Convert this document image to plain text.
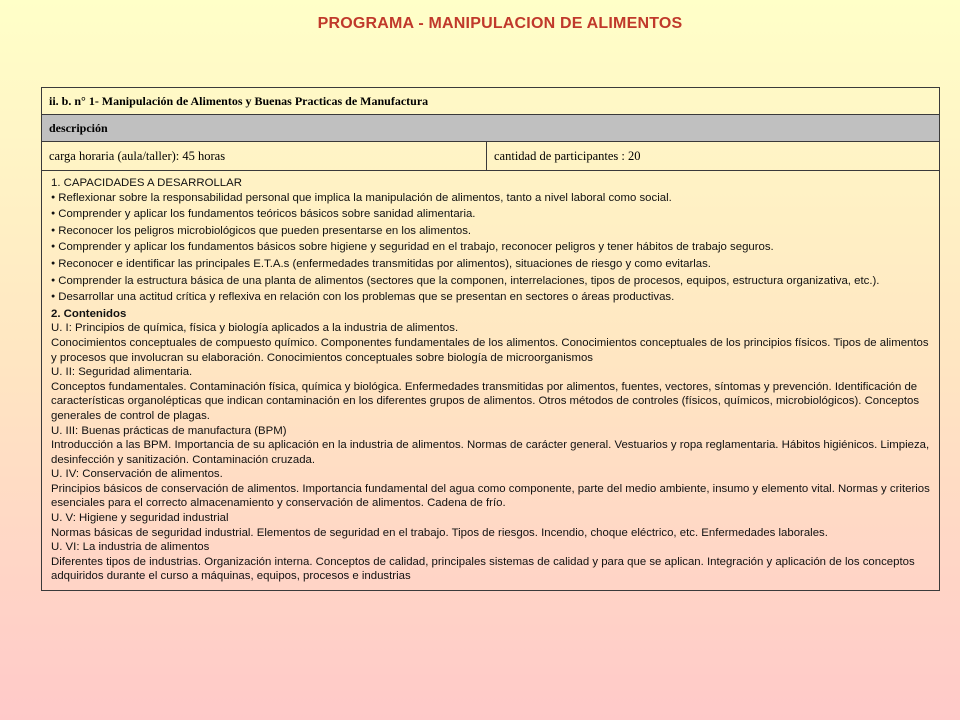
PROGRAMA - MANIPULACION DE ALIMENTOS
ii. b. n° 1- Manipulación de Alimentos y Buenas Practicas de Manufactura
descripción
carga horaria (aula/taller): 45 horas	cantidad de participantes : 20

1. CAPACIDADES A DESARROLLAR

● Reflexionar sobre la responsabilidad personal que implica la manipulación de alimentos, tanto a nivel laboral como social.

● Comprender y aplicar los fundamentos teóricos básicos sobre sanidad alimentaria.

● Reconocer los peligros microbiológicos que pueden presentarse en los alimentos.

● Comprender y aplicar los fundamentos básicos sobre higiene y seguridad en el trabajo, reconocer peligros y tener hábitos de trabajo seguros.

● Reconocer e identificar las principales E.T.A.s (enfermedades transmitidas por alimentos), situaciones de riesgo y como evitarlas.

● Comprender la estructura básica de una planta de alimentos (sectores que la componen, interrelaciones, tipos de procesos, equipos, estructura organizativa, etc.).

● Desarrollar una actitud crítica y reflexiva en relación con los problemas que se presentan en sectores o áreas productivas.

2. Contenidos

U. I: Principios de química, física y biología aplicados a la industria de alimentos.

Conocimientos conceptuales de compuesto químico. Componentes fundamentales de los alimentos. Conocimientos conceptuales de los principios físicos. Tipos de alimentos y procesos que involucran su elaboración. Conocimientos conceptuales sobre biología de microorganismos

U. II: Seguridad alimentaria.

Conceptos fundamentales. Contaminación física, química y biológica. Enfermedades transmitidas por alimentos, fuentes, vectores, síntomas y prevención. Identificación de características organolépticas que indican contaminación en los diferentes grupos de alimentos. Otros métodos de controles (físicos, químicos, microbiológicos). Conceptos generales de control de plagas.

U. III: Buenas prácticas de manufactura (BPM)

Introducción a las BPM. Importancia de su aplicación en la industria de alimentos. Normas de carácter general. Vestuarios y ropa reglamentaria. Hábitos higiénicos. Limpieza, desinfección y sanitización. Contaminación cruzada.

U. IV: Conservación de alimentos.

Principios básicos de conservación de alimentos. Importancia fundamental del agua como componente, parte del medio ambiente, insumo y elemento vital. Normas y criterios esenciales para el correcto almacenamiento y conservación de alimentos. Cadena de frío.

U. V: Higiene y seguridad industrial

Normas básicas de seguridad industrial. Elementos de seguridad en el trabajo. Tipos de riesgos. Incendio, choque eléctrico, etc. Enfermedades laborales.

U. VI: La industria de alimentos

Diferentes tipos de industrias. Organización interna. Conceptos de calidad, principales sistemas de calidad y para que se aplican. Integración y aplicación de los conceptos adquiridos durante el curso a máquinas, equipos, procesos e industrias
